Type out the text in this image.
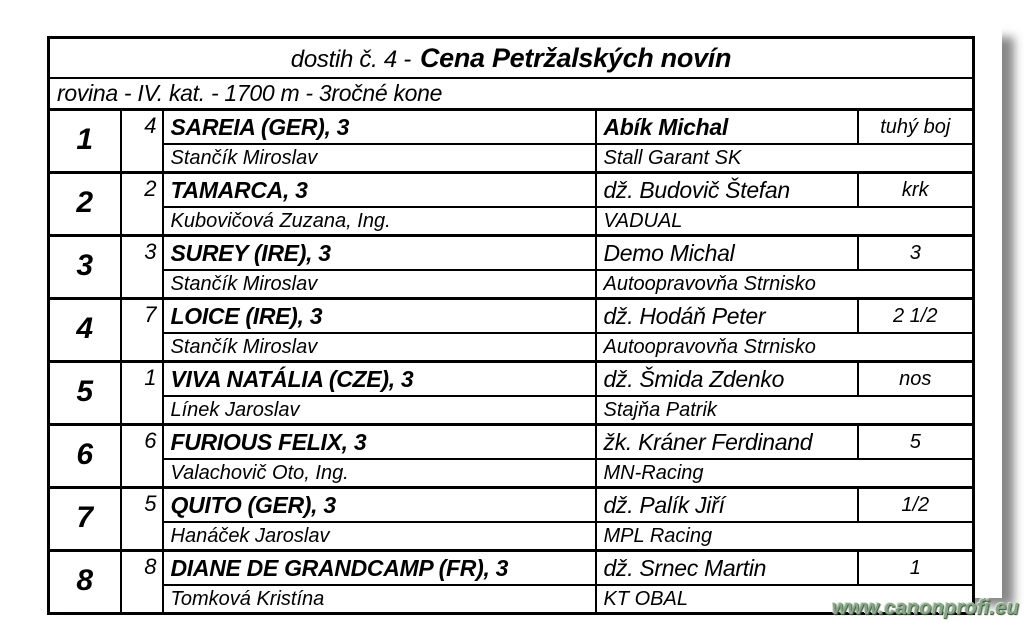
dostih č. 4 - Cena Petržalských novín				
rovina - IV. kat. - 1700 m - 3ročné kone				
1	4	SAREIA (GER), 3	Abík Michal	tuhý boj
		Stančík Miroslav	Stall Garant SK	
2	2	TAMARCA, 3	dž. Budovič Štefan	krk
		Kubovičová Zuzana, Ing.	VADUAL	
3	3	SUREY (IRE), 3	Demo Michal	3
		Stančík Miroslav	Autoopravovňa Strnisko	
4	7	LOICE (IRE), 3	dž. Hodáň Peter	2 1/2
		Stančík Miroslav	Autoopravovňa Strnisko	
5	1	VIVA NATÁLIA (CZE), 3	dž. Šmida Zdenko	nos
		Línek Jaroslav	Stajňa Patrik	
6	6	FURIOUS FELIX, 3	žk. Kráner Ferdinand	5
		Valachovič Oto, Ing.	MN-Racing	
7	5	QUITO (GER), 3	dž. Palík Jiří	1/2
		Hanáček Jaroslav	MPL Racing	
8	8	DIANE DE GRANDCAMP (FR), 3	dž. Srnec Martin	1
		Tomková Kristína	KT OBAL		www.canonprofi.eu
